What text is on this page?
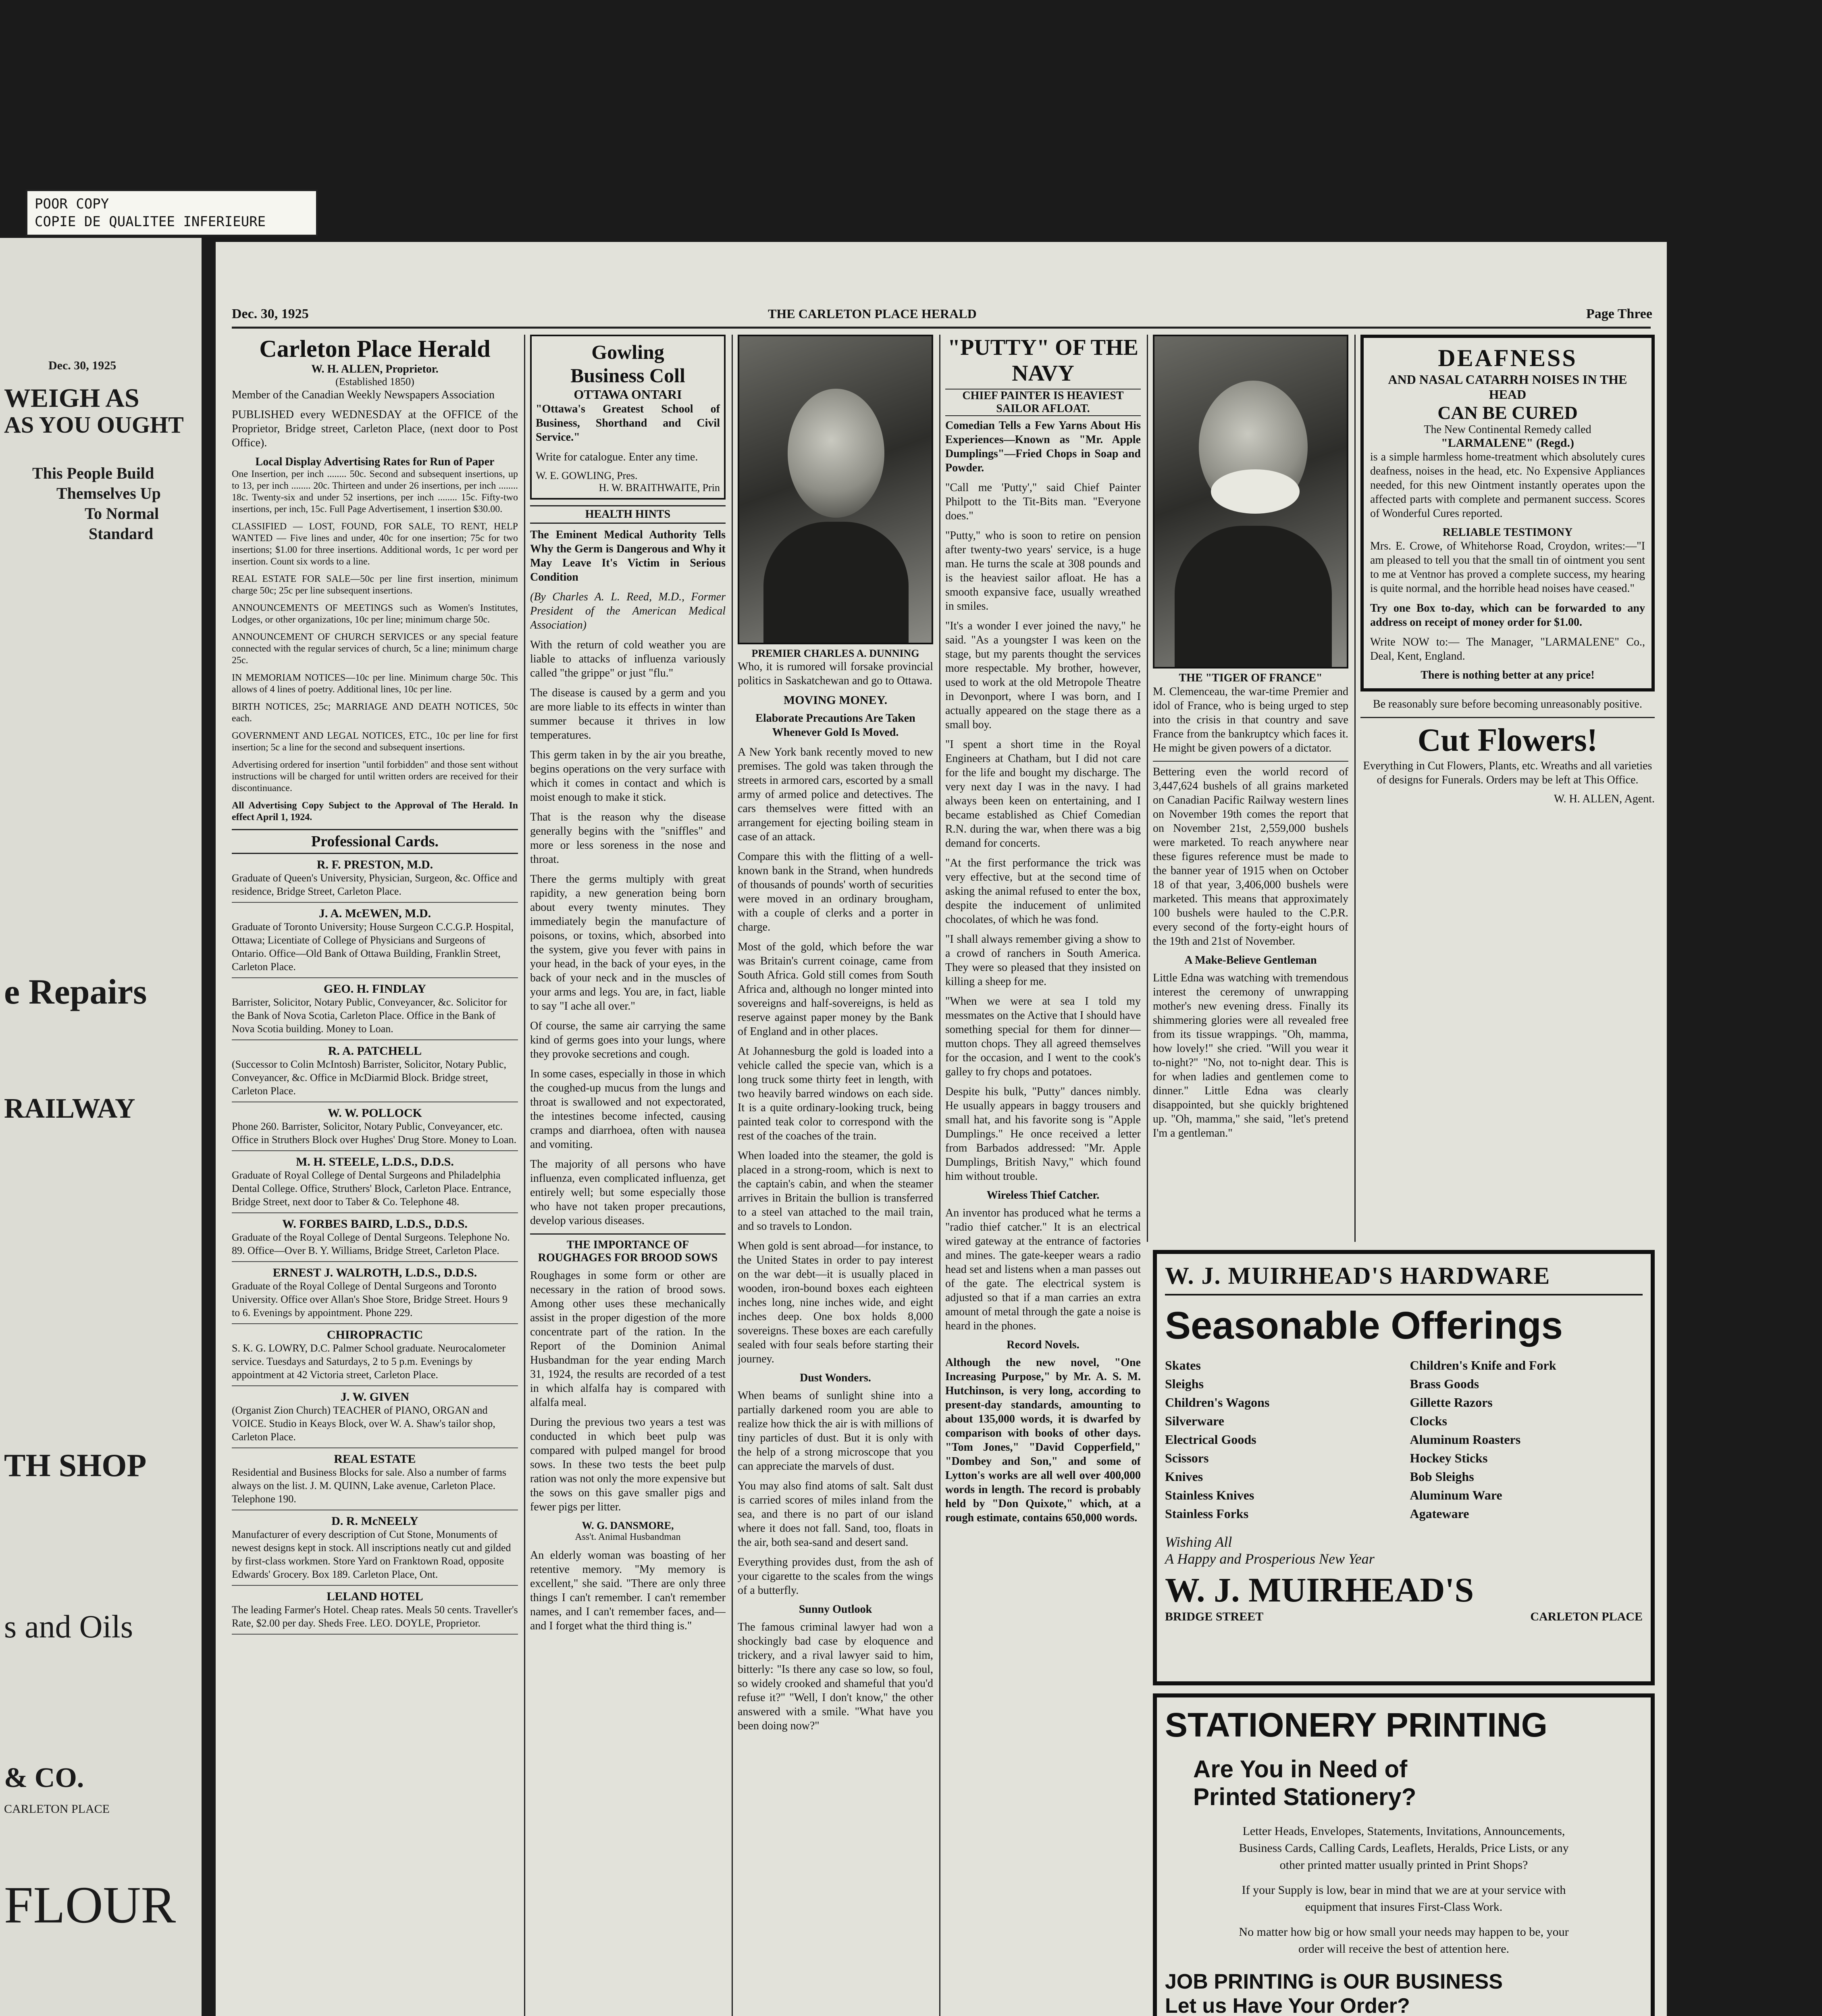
POOR COPY
COPIE DE QUALITEE INFERIEURE
Dec. 30, 1925
WEIGH AS
AS YOU OUGHT
This People Build
Themselves Up
To Normal
Standard
e Repairs
RAILWAY
TH SHOP
s and Oils
& CO.
CARLETON PLACE
FLOUR
Dec. 30, 1925	THE CARLETON PLACE HERALD	Page Three
Carleton Place Herald
W. H. ALLEN, Proprietor.
(Established 1850)

Member of the Canadian Weekly Newspapers Association

PUBLISHED every WEDNESDAY at the OFFICE of the Proprietor, Bridge street, Carleton Place, (next door to Post Office).

Local Display Advertising Rates for Run of Paper

One Insertion, per inch ........ 50c. Second and subsequent insertions, up to 13, per inch ........ 20c. Thirteen and under 26 insertions, per inch ........ 18c. Twenty-six and under 52 insertions, per inch ........ 15c. Fifty-two insertions, per inch, 15c. Full Page Advertisement, 1 insertion $30.00.

CLASSIFIED — LOST, FOUND, FOR SALE, TO RENT, HELP WANTED — Five lines and under, 40c for one insertion; 75c for two insertions; $1.00 for three insertions. Additional words, 1c per word per insertion. Count six words to a line.

REAL ESTATE FOR SALE—50c per line first insertion, minimum charge 50c; 25c per line subsequent insertions.

ANNOUNCEMENTS OF MEETINGS such as Women's Institutes, Lodges, or other organizations, 10c per line; minimum charge 50c.

ANNOUNCEMENT OF CHURCH SERVICES or any special feature connected with the regular services of church, 5c a line; minimum charge 25c.

IN MEMORIAM NOTICES—10c per line. Minimum charge 50c. This allows of 4 lines of poetry. Additional lines, 10c per line.

BIRTH NOTICES, 25c; MARRIAGE AND DEATH NOTICES, 50c each.

GOVERNMENT AND LEGAL NOTICES, ETC., 10c per line for first insertion; 5c a line for the second and subsequent insertions.

Advertising ordered for insertion "until forbidden" and those sent without instructions will be charged for until written orders are received for their discontinuance.

All Advertising Copy Subject to the Approval of The Herald. In effect April 1, 1924.

Professional Cards.
R. F. PRESTON, M.D.
Graduate of Queen's University, Physician, Surgeon, &c. Office and residence, Bridge Street, Carleton Place.
J. A. McEWEN, M.D.
Graduate of Toronto University; House Surgeon C.C.G.P. Hospital, Ottawa; Licentiate of College of Physicians and Surgeons of Ontario. Office—Old Bank of Ottawa Building, Franklin Street, Carleton Place.
GEO. H. FINDLAY
Barrister, Solicitor, Notary Public, Conveyancer, &c. Solicitor for the Bank of Nova Scotia, Carleton Place. Office in the Bank of Nova Scotia building. Money to Loan.
R. A. PATCHELL
(Successor to Colin McIntosh) Barrister, Solicitor, Notary Public, Conveyancer, &c. Office in McDiarmid Block. Bridge street, Carleton Place.
W. W. POLLOCK
Phone 260. Barrister, Solicitor, Notary Public, Conveyancer, etc. Office in Struthers Block over Hughes' Drug Store. Money to Loan.
M. H. STEELE, L.D.S., D.D.S.
Graduate of Royal College of Dental Surgeons and Philadelphia Dental College. Office, Struthers' Block, Carleton Place. Entrance, Bridge Street, next door to Taber & Co. Telephone 48.
W. FORBES BAIRD, L.D.S., D.D.S.
Graduate of the Royal College of Dental Surgeons. Telephone No. 89. Office—Over B. Y. Williams, Bridge Street, Carleton Place.
ERNEST J. WALROTH, L.D.S., D.D.S.
Graduate of the Royal College of Dental Surgeons and Toronto University. Office over Allan's Shoe Store, Bridge Street. Hours 9 to 6. Evenings by appointment. Phone 229.
CHIROPRACTIC
S. K. G. LOWRY, D.C. Palmer School graduate. Neurocalometer service. Tuesdays and Saturdays, 2 to 5 p.m. Evenings by appointment at 42 Victoria street, Carleton Place.
J. W. GIVEN
(Organist Zion Church) TEACHER of PIANO, ORGAN and VOICE. Studio in Keays Block, over W. A. Shaw's tailor shop, Carleton Place.
REAL ESTATE
Residential and Business Blocks for sale. Also a number of farms always on the list. J. M. QUINN, Lake avenue, Carleton Place. Telephone 190.
D. R. McNEELY
Manufacturer of every description of Cut Stone, Monuments of newest designs kept in stock. All inscriptions neatly cut and gilded by first-class workmen. Store Yard on Franktown Road, opposite Edwards' Grocery. Box 189. Carleton Place, Ont.
LELAND HOTEL
The leading Farmer's Hotel. Cheap rates. Meals 50 cents. Traveller's Rate, $2.00 per day. Sheds Free. LEO. DOYLE, Proprietor.
Gowling
Business Coll
OTTAWA ONTARI

"Ottawa's Greatest School of Business, Shorthand and Civil Service."

Write for catalogue. Enter any time.

W. E. GOWLING, Pres.
H. W. BRAITHWAITE, Prin
HEALTH HINTS

The Eminent Medical Authority Tells Why the Germ is Dangerous and Why it May Leave It's Victim in Serious Condition

(By Charles A. L. Reed, M.D., Former President of the American Medical Association)

With the return of cold weather you are liable to attacks of influenza variously called "the grippe" or just "flu."

The disease is caused by a germ and you are more liable to its effects in winter than summer because it thrives in low temperatures.

This germ taken in by the air you breathe, begins operations on the very surface with which it comes in contact and which is moist enough to make it stick.

That is the reason why the disease generally begins with the "sniffles" and more or less soreness in the nose and throat.

There the germs multiply with great rapidity, a new generation being born about every twenty minutes. They immediately begin the manufacture of poisons, or toxins, which, absorbed into the system, give you fever with pains in your head, in the back of your eyes, in the back of your neck and in the muscles of your arms and legs. You are, in fact, liable to say "I ache all over."

Of course, the same air carrying the same kind of germs goes into your lungs, where they provoke secretions and cough.

In some cases, especially in those in which the coughed-up mucus from the lungs and throat is swallowed and not expectorated, the intestines become infected, causing cramps and diarrhoea, often with nausea and vomiting.

The majority of all persons who have influenza, even complicated influenza, get entirely well; but some especially those who have not taken proper precautions, develop various diseases.

THE IMPORTANCE OF ROUGHAGES FOR BROOD SOWS

Roughages in some form or other are necessary in the ration of brood sows. Among other uses these mechanically assist in the proper digestion of the more concentrate part of the ration. In the Report of the Dominion Animal Husbandman for the year ending March 31, 1924, the results are recorded of a test in which alfalfa hay is compared with alfalfa meal.

During the previous two years a test was conducted in which beet pulp was compared with pulped mangel for brood sows. In these two tests the beet pulp ration was not only the more expensive but the sows on this gave smaller pigs and fewer pigs per litter.

W. G. DANSMORE,
Ass't. Animal Husbandman

An elderly woman was boasting of her retentive memory. "My memory is excellent," she said. "There are only three things I can't remember. I can't remember names, and I can't remember faces, and—and I forget what the third thing is."

PREMIER CHARLES A. DUNNING

Who, it is rumored will forsake provincial politics in Saskatchewan and go to Ottawa.

MOVING MONEY.

Elaborate Precautions Are Taken Whenever Gold Is Moved.

A New York bank recently moved to new premises. The gold was taken through the streets in armored cars, escorted by a small army of armed police and detectives. The cars themselves were fitted with an arrangement for ejecting boiling steam in case of an attack.

Compare this with the flitting of a well-known bank in the Strand, when hundreds of thousands of pounds' worth of securities were moved in an ordinary brougham, with a couple of clerks and a porter in charge.

Most of the gold, which before the war was Britain's current coinage, came from South Africa. Gold still comes from South Africa and, although no longer minted into sovereigns and half-sovereigns, is held as reserve against paper money by the Bank of England and in other places.

At Johannesburg the gold is loaded into a vehicle called the specie van, which is a long truck some thirty feet in length, with two heavily barred windows on each side. It is a quite ordinary-looking truck, being painted teak color to correspond with the rest of the coaches of the train.

When loaded into the steamer, the gold is placed in a strong-room, which is next to the captain's cabin, and when the steamer arrives in Britain the bullion is transferred to a steel van attached to the mail train, and so travels to London.

When gold is sent abroad—for instance, to the United States in order to pay interest on the war debt—it is usually placed in wooden, iron-bound boxes each eighteen inches long, nine inches wide, and eight inches deep. One box holds 8,000 sovereigns. These boxes are each carefully sealed with four seals before starting their journey.

Dust Wonders.

When beams of sunlight shine into a partially darkened room you are able to realize how thick the air is with millions of tiny particles of dust. But it is only with the help of a strong microscope that you can appreciate the marvels of dust.

You may also find atoms of salt. Salt dust is carried scores of miles inland from the sea, and there is no part of our island where it does not fall. Sand, too, floats in the air, both sea-sand and desert sand.

Everything provides dust, from the ash of your cigarette to the scales from the wings of a butterfly.

Sunny Outlook

The famous criminal lawyer had won a shockingly bad case by eloquence and trickery, and a rival lawyer said to him, bitterly: "Is there any case so low, so foul, so widely crooked and shameful that you'd refuse it?" "Well, I don't know," the other answered with a smile. "What have you been doing now?"

"PUTTY" OF THE NAVY
CHIEF PAINTER IS HEAVIEST SAILOR AFLOAT.

Comedian Tells a Few Yarns About His Experiences—Known as "Mr. Apple Dumplings"—Fried Chops in Soap and Powder.

"Call me 'Putty'," said Chief Painter Philpott to the Tit-Bits man. "Everyone does."

"Putty," who is soon to retire on pension after twenty-two years' service, is a huge man. He turns the scale at 308 pounds and is the heaviest sailor afloat. He has a smooth expansive face, usually wreathed in smiles.

"It's a wonder I ever joined the navy," he said. "As a youngster I was keen on the stage, but my parents thought the services more respectable. My brother, however, used to work at the old Metropole Theatre in Devonport, where I was born, and I actually appeared on the stage there as a small boy.

"I spent a short time in the Royal Engineers at Chatham, but I did not care for the life and bought my discharge. The very next day I was in the navy. I had always been keen on entertaining, and I became established as Chief Comedian R.N. during the war, when there was a big demand for concerts.

"At the first performance the trick was very effective, but at the second time of asking the animal refused to enter the box, despite the inducement of unlimited chocolates, of which he was fond.

"I shall always remember giving a show to a crowd of ranchers in South America. They were so pleased that they insisted on killing a sheep for me.

"When we were at sea I told my messmates on the Active that I should have something special for them for dinner—mutton chops. They all agreed themselves for the occasion, and I went to the cook's galley to fry chops and potatoes.

Despite his bulk, "Putty" dances nimbly. He usually appears in baggy trousers and small hat, and his favorite song is "Apple Dumplings." He once received a letter from Barbados addressed: "Mr. Apple Dumplings, British Navy," which found him without trouble.

Wireless Thief Catcher.

An inventor has produced what he terms a "radio thief catcher." It is an electrical wired gateway at the entrance of factories and mines. The gate-keeper wears a radio head set and listens when a man passes out of the gate. The electrical system is adjusted so that if a man carries an extra amount of metal through the gate a noise is heard in the phones.

Record Novels.

Although the new novel, "One Increasing Purpose," by Mr. A. S. M. Hutchinson, is very long, according to present-day standards, amounting to about 135,000 words, it is dwarfed by comparison with books of other days. "Tom Jones," "David Copperfield," "Dombey and Son," and some of Lytton's works are all well over 400,000 words in length. The record is probably held by "Don Quixote," which, at a rough estimate, contains 650,000 words.

THE "TIGER OF FRANCE"

M. Clemenceau, the war-time Premier and idol of France, who is being urged to step into the crisis in that country and save France from the bankruptcy which faces it. He might be given powers of a dictator.

Bettering even the world record of 3,447,624 bushels of all grains marketed on Canadian Pacific Railway western lines on November 19th comes the report that on November 21st, 2,559,000 bushels were marketed. To reach anywhere near these figures reference must be made to the banner year of 1915 when on October 18 of that year, 3,406,000 bushels were marketed. This means that approximately 100 bushels were hauled to the C.P.R. every second of the forty-eight hours of the 19th and 21st of November.

A Make-Believe Gentleman

Little Edna was watching with tremendous interest the ceremony of unwrapping mother's new evening dress. Finally its shimmering glories were all revealed free from its tissue wrappings. "Oh, mamma, how lovely!" she cried. "Will you wear it to-night?" "No, not to-night dear. This is for when ladies and gentlemen come to dinner." Little Edna was clearly disappointed, but she quickly brightened up. "Oh, mamma," she said, "let's pretend I'm a gentleman."

DEAFNESS
AND NASAL CATARRH NOISES IN THE HEAD
CAN BE CURED
The New Continental Remedy called
"LARMALENE" (Regd.)

is a simple harmless home-treatment which absolutely cures deafness, noises in the head, etc. No Expensive Appliances needed, for this new Ointment instantly operates upon the affected parts with complete and permanent success. Scores of Wonderful Cures reported.

RELIABLE TESTIMONY

Mrs. E. Crowe, of Whitehorse Road, Croydon, writes:—"I am pleased to tell you that the small tin of ointment you sent to me at Ventnor has proved a complete success, my hearing is quite normal, and the horrible head noises have ceased."

Try one Box to-day, which can be forwarded to any address on receipt of money order for $1.00.

Write NOW to:— The Manager, "LARMALENE" Co., Deal, Kent, England.

There is nothing better at any price!

Be reasonably sure before becoming unreasonably positive.

Cut Flowers!

Everything in Cut Flowers, Plants, etc. Wreaths and all varieties of designs for Funerals. Orders may be left at This Office.

W. H. ALLEN, Agent.
W. J. MUIRHEAD'S HARDWARE
Seasonable Offerings
Skates
Sleighs
Children's Wagons
Silverware
Electrical Goods
Scissors
Knives
Stainless Knives
Stainless Forks
Children's Knife and Fork
Brass Goods
Gillette Razors
Clocks
Aluminum Roasters
Hockey Sticks
Bob Sleighs
Aluminum Ware
Agateware
Wishing All
A Happy and Prosperious New Year
W. J. MUIRHEAD'S
BRIDGE STREET	CARLETON PLACE
STATIONERY PRINTING
Are You in Need of
Printed Stationery?

Letter Heads, Envelopes, Statements, Invitations, Announcements, Business Cards, Calling Cards, Leaflets, Heralds, Price Lists, or any other printed matter usually printed in Print Shops?

If your Supply is low, bear in mind that we are at your service with equipment that insures First-Class Work.

No matter how big or how small your needs may happen to be, your order will receive the best of attention here.

JOB PRINTING is OUR BUSINESS
Let us Have Your Order?
